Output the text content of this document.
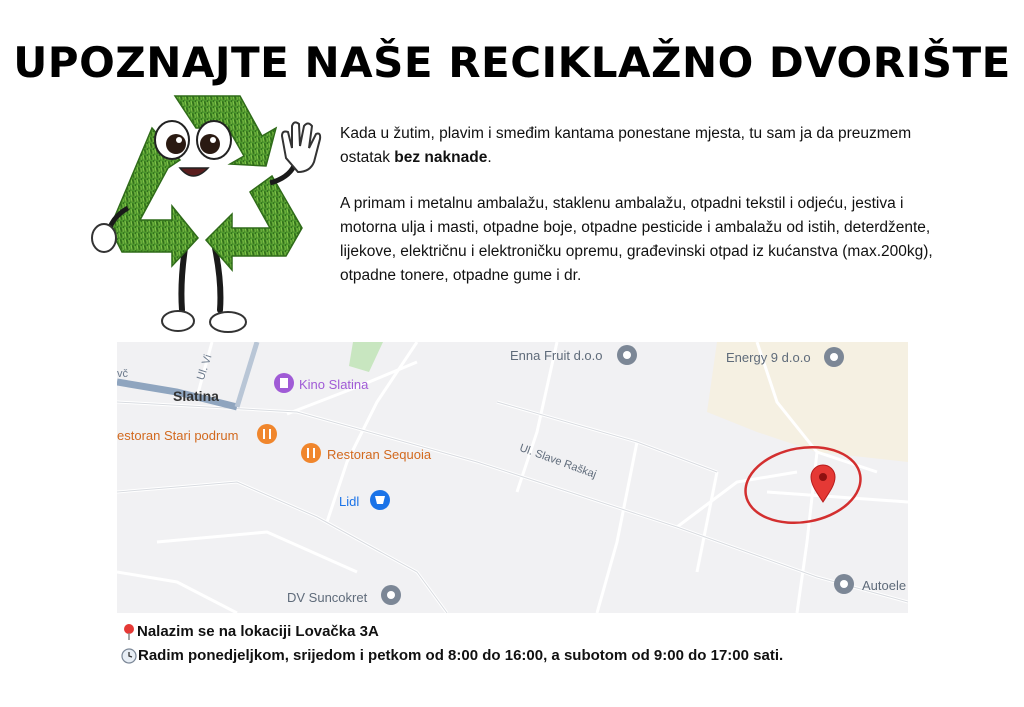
UPOZNAJTE NAŠE RECIKLAŽNO DVORIŠTE

Kada u žutim, plavim i smeđim kantama ponestane mjesta, tu sam ja da preuzmem ostatak bez naknade.

A primam i metalnu ambalažu, staklenu ambalažu, otpadni tekstil i odjeću, jestiva i motorna ulja i masti, otpadne boje, otpadne pesticide i ambalažu od istih, deterdžente, lijekove, električnu i elektroničku opremu, građevinski otpad iz kućanstva (max.200kg), otpadne tonere, otpadne gume i dr.

Enna Fruit d.o.o	Energy 9 d.o.o
Kino Slatina
Slatina
estoran Stari podrum
Restoran Sequoia
Lidl
DV Suncokret
Autoele
Ul. Slave Raškaj
Ul. Vi
vč
Nalazim se na lokaciji Lovačka 3A
Radim ponedjeljkom, srijedom i petkom od 8:00 do 16:00, a subotom od 9:00 do 17:00 sati.
